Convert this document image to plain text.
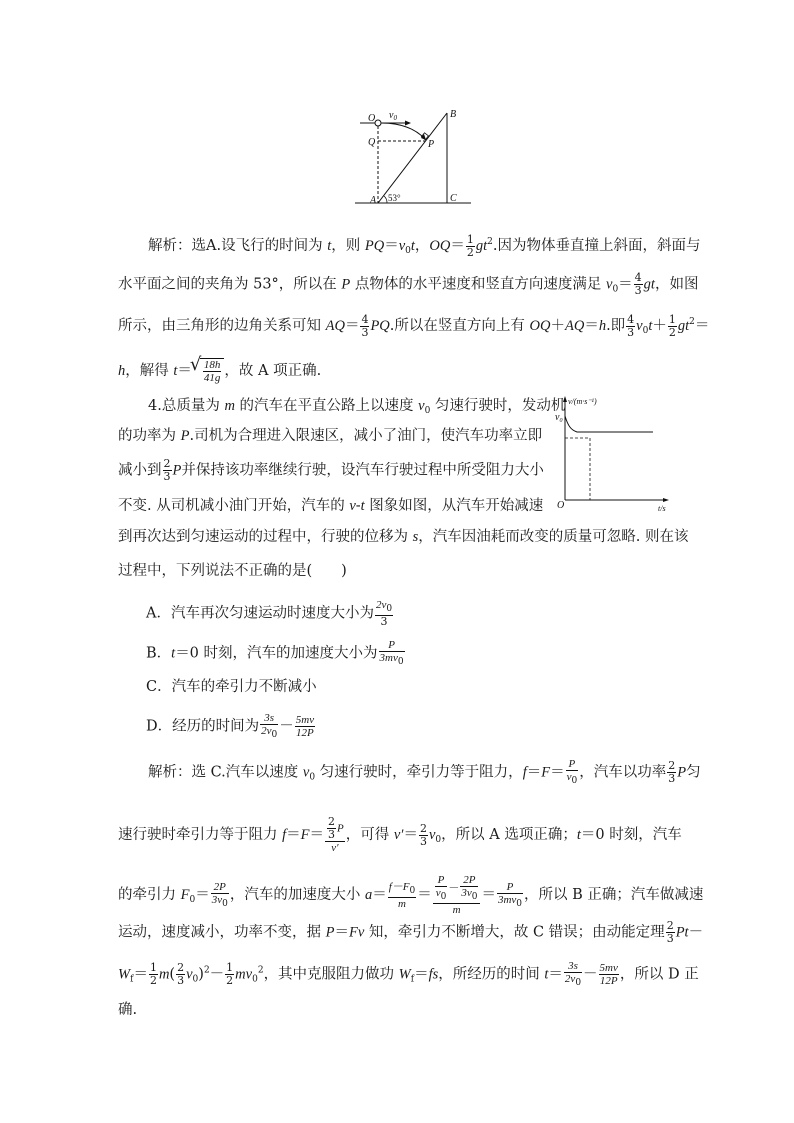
O $v_0$	B
Q	P
A 53°	C
v/(m·s⁻¹)
$v_0$
O	t/s
解析：选A.设飞行的时间为 t，则 $PQ=v_0t$，$OQ= \frac{1}{2} gt^2$.因为物体垂直撞上斜面，斜面与
水平面之间的夹角为 53°，所以在 P 点物体的水平速度和竖直方向速度满足 $v_0= \frac{4}{3}$ gt，如图
所示，由三角形的边角关系可知 $AQ= \frac{4}{3}$ PQ.所以在竖直方向上有 OQ＋AQ＝h.即 $\frac{4}{3} v_0t+ \frac{1}{2} gt^2=$
h，解得 t＝
√ $\frac{18h}{41g}$ ，故 A 项正确.
4.总质量为 m 的汽车在平直公路上以速度 $v_0$ 匀速行驶时，发动机
的功率为 P.司机为合理进入限速区，减小了油门，使汽车功率立即
减小到 $\frac{2}{3}$ P并保持该功率继续行驶，设汽车行驶过程中所受阻力大小
不变. 从司机减小油门开始，汽车的 v-t 图象如图，从汽车开始减速
到再次达到匀速运动的过程中，行驶的位移为 s，汽车因油耗而改变的质量可忽略. 则在该
过程中，下列说法不正确的是(　　)
A．汽车再次匀速运动时速度大小为 $\frac{2v_0}{3}$
B．t＝0 时刻，汽车的加速度大小为 $\frac{P}{3mv_0}$
C．汽车的牵引力不断减小
D．经历的时间为 $\frac{3s}{2v_0} - \frac{5mv}{12P}$
解析：选 C.汽车以速度 $v_0$ 匀速行驶时，牵引力等于阻力，$f=F= \frac{P}{v_0}$ ，汽车以功率 $\frac{2}{3}$ P匀
速行驶时牵引力等于阻力 $f=F= \frac{\frac{2}{3} P}{v'}$ ，可得 $v'= \frac{2}{3} v_0$，所以 A 选项正确；t＝0 时刻，汽车
的牵引力 $F_0= \frac{2P}{3v_0}$ ，汽车的加速度大小 $a= \frac{f-F_0}{m} = \frac{\frac{P}{v_0} - \frac{2P}{3v_0}}{m} = \frac{P}{3mv_0}$ ，所以 B 正确；汽车做减速
运动，速度减小，功率不变，据 P＝Fv 知，牵引力不断增大，故 C 错误；由动能定理 $\frac{2}{3} Pt-$
$W_f= \frac{1}{2} m( \frac{2}{3} v_0)^2- \frac{1}{2} mv_0^2$，其中克服阻力做功 $W_f=fs$，所经历的时间 $t= \frac{3s}{2v_0} - \frac{5mv}{12P}$ ，所以 D 正
确.
